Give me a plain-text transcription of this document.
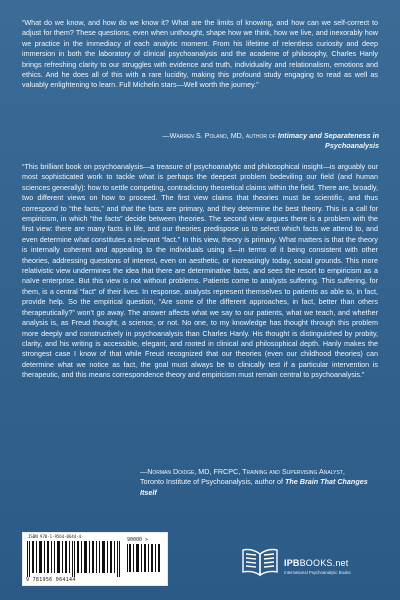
“What do we know, and how do we know it? What are the limits of knowing, and how can we self-correct to adjust for them? These questions, even when unthought, shape how we think, how we live, and inexorably how we practice in the immediacy of each analytic moment. From his lifetime of relentless curiosity and deep immersion in both the laboratory of clinical psychoanalysis and the academe of philosophy, Charles Hanly brings refreshing clarity to our struggles with evidence and truth, individuality and relationalism, emotions and ethics. And he does all of this with a rare lucidity, making this profound study engaging to read as well as valuably enlightening to learn. Full Michelin stars—Well worth the journey.”

—Warren S. Poland, MD, author of Intimacy and Separateness in Psychoanalysis

“This brilliant book on psychoanalysis—a treasure of psychoanalytic and philosophical insight—is arguably our most sophisticated work to tackle what is perhaps the deepest problem bedeviling our field (and human sciences generally): how to settle competing, contradictory theoretical claims within the field. There are, broadly, two different views on how to proceed. The first view claims that theories must be scientific, and thus correspond to “the facts,” and that the facts are primary, and they determine the best theory. This is a call for empiricism, in which “the facts” decide between theories. The second view argues there is a problem with the first view: there are many facts in life, and our theories predispose us to select which facts we attend to, and even determine what constitutes a relevant “fact.” In this view, theory is primary. What matters is that the theory is internally coherent and appealing to the individuals using it—in terms of it being consistent with other theories, addressing questions of interest, even on aesthetic, or increasingly today, social grounds. This more relativistic view undermines the idea that there are determinative facts, and sees the resort to empiricism as a naïve enterprise. But this view is not without problems. Patients come to analysts suffering. This suffering, for them, is a central “fact” of their lives. In response, analysts represent themselves to patients as able to, in fact, provide help. So the empirical question, “Are some of the different approaches, in fact, better than others therapeutically?” won’t go away. The answer affects what we say to our patients, what we teach, and whether analysis is, as Freud thought, a science, or not. No one, to my knowledge has thought through this problem more deeply and constructively in psychoanalysis than Charles Hanly. His thought is distinguished by probity, clarity, and his writing is accessible, elegant, and rooted in clinical and philosophical depth. Hanly makes the strongest case I know of that while Freud recognized that our theories (even our childhood theories) can determine what we notice as fact, the goal must always be to clinically test if a particular intervention is therapeutic, and this means correspondence theory and empiricism must remain central to psychoanalysis.”

—Norman Doidge, MD, FRCPC, Training and Supervising Analyst,
Toronto Institute of Psychoanalysis, author of The Brain That Changes Itself

ISBN 978-1-9564-0644-4
9 781956 064144
90000 >
IPBBOOKS.net
International Psychoanalytic Books
